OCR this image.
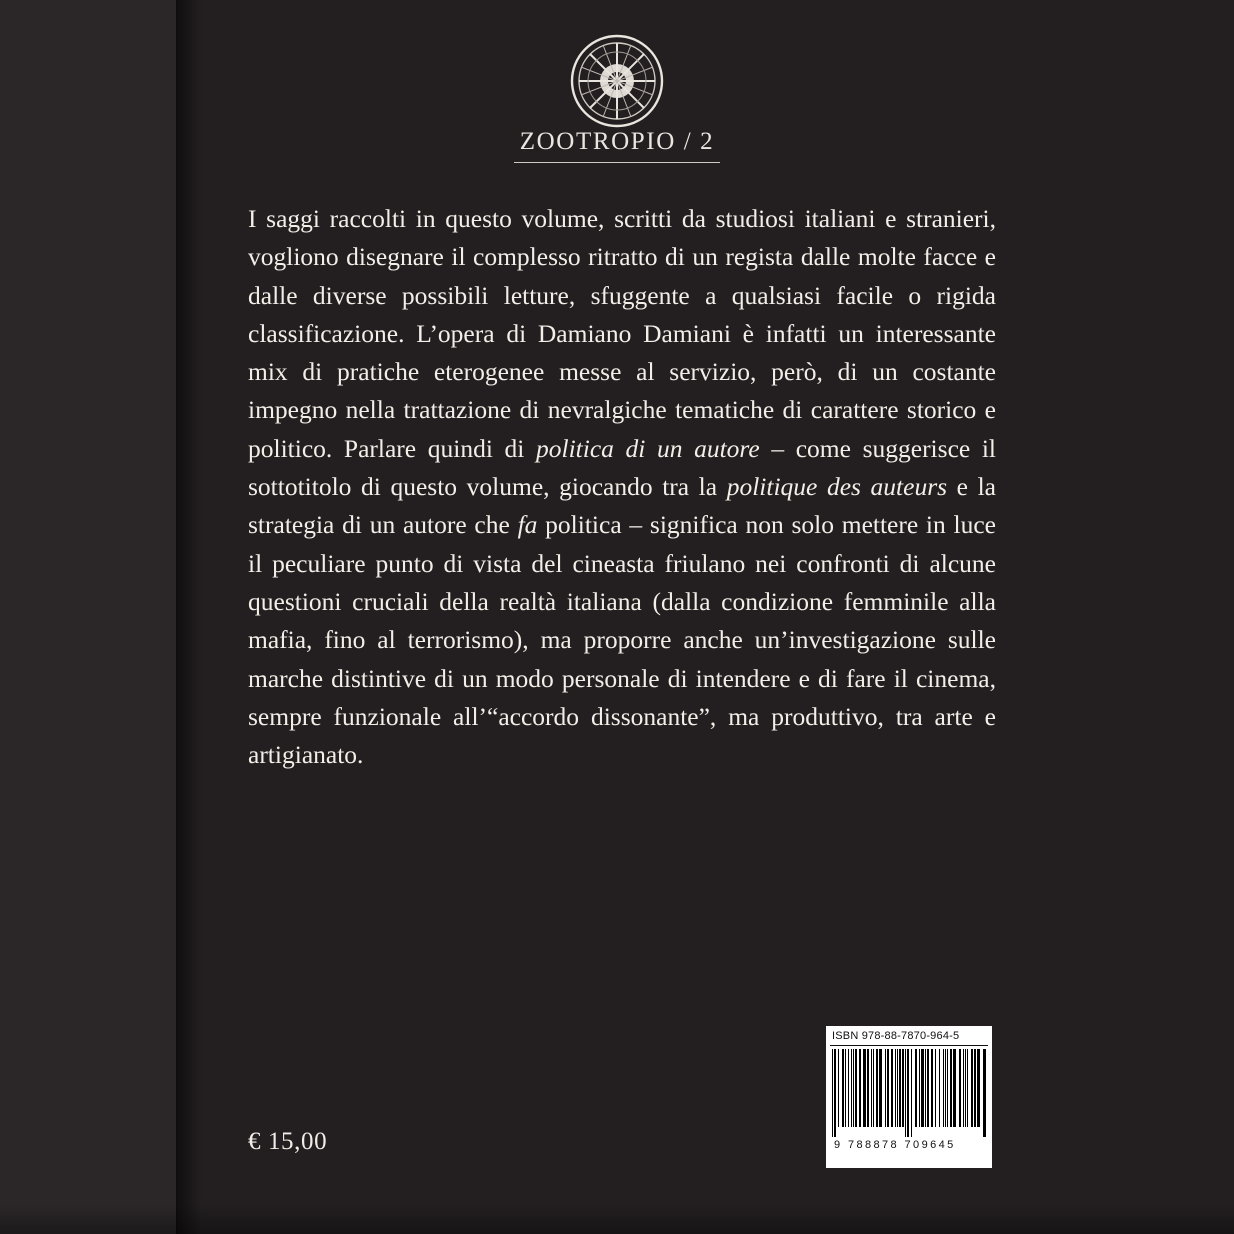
ZOOTROPIO / 2
I saggi raccolti in questo volume, scritti da studiosi italiani e stranieri, vogliono disegnare il complesso ritratto di un regista dalle molte facce e dalle diverse possibili letture, sfuggente a qualsiasi facile o rigida classificazione. L’opera di Damiano Damiani è infatti un interessante mix di pratiche eterogenee messe al servizio, però, di un costante impegno nella trattazione di nevralgiche tematiche di carattere storico e politico. Parlare quindi di politica di un autore – come suggerisce il sottotitolo di questo volume, giocando tra la politique des auteurs e la strategia di un autore che fa politica – significa non solo mettere in luce il peculiare punto di vista del cineasta friulano nei confronti di alcune questioni cruciali della realtà italiana (dalla condizione femminile alla mafia, fino al terrorismo), ma proporre anche un’investigazione sulle marche distintive di un modo personale di intendere e di fare il cinema, sempre funzionale all’“accordo dissonante”, ma produttivo, tra arte e artigianato.
€ 15,00
ISBN 978-88-7870-964-5
9 788878 709645
